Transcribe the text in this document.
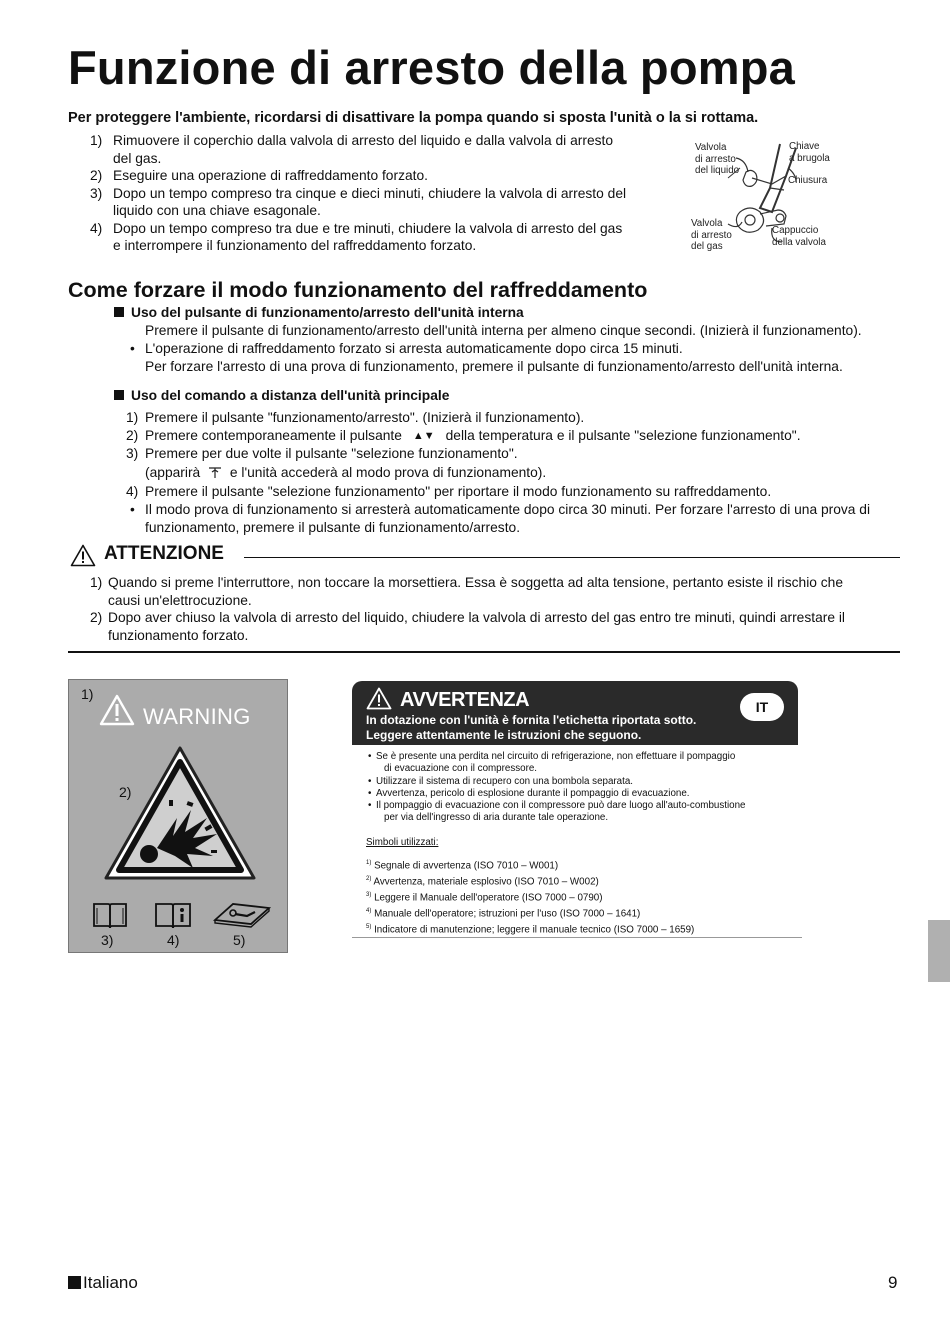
Funzione di arresto della pompa
Per proteggere l'ambiente, ricordarsi di disattivare la pompa quando si sposta l'unità o la si rottama.
1) Rimuovere il coperchio dalla valvola di arresto del liquido e dalla valvola di arresto
del gas.
2) Eseguire una operazione di raffreddamento forzato.
3) Dopo un tempo compreso tra cinque e dieci minuti, chiudere la valvola di arresto del
liquido con una chiave esagonale.
4) Dopo un tempo compreso tra due e tre minuti, chiudere la valvola di arresto del gas
e interrompere il funzionamento del raffreddamento forzato.
Valvola
di arresto
del liquido
Chiave
a brugola
Chiusura
Valvola
di arresto
del gas
Cappuccio
della valvola
Come forzare il modo funzionamento del raffreddamento
Uso del pulsante di funzionamento/arresto dell'unità interna
Premere il pulsante di funzionamento/arresto dell'unità interna per almeno cinque secondi. (Inizierà il funzionamento).
• L'operazione di raffreddamento forzato si arresta automaticamente dopo circa 15 minuti.
Per forzare l'arresto di una prova di funzionamento, premere il pulsante di funzionamento/arresto dell'unità interna.
Uso del comando a distanza dell'unità principale
1) Premere il pulsante "funzionamento/arresto". (Inizierà il funzionamento).
2) Premere contemporaneamente il pulsante ▲▼ della temperatura e il pulsante "selezione funzionamento".
3) Premere per due volte il pulsante "selezione funzionamento".
(apparirà e l'unità accederà al modo prova di funzionamento).
4) Premere il pulsante "selezione funzionamento" per riportare il modo funzionamento su raffreddamento.
• Il modo prova di funzionamento si arresterà automaticamente dopo circa 30 minuti. Per forzare l'arresto di una prova di
funzionamento, premere il pulsante di funzionamento/arresto.
ATTENZIONE
1) Quando si preme l'interruttore, non toccare la morsettiera. Essa è soggetta ad alta tensione, pertanto esiste il rischio che
causi un'elettrocuzione.
2) Dopo aver chiuso la valvola di arresto del liquido, chiudere la valvola di arresto del gas entro tre minuti, quindi arrestare il
funzionamento forzato.
1)
WARNING
2)
3)	4)	5)
AVVERTENZA
In dotazione con l'unità è fornita l'etichetta riportata sotto.
Leggere attentamente le istruzioni che seguono.
IT
• Se è presente una perdita nel circuito di refrigerazione, non effettuare il pompaggio
di evacuazione con il compressore.
• Utilizzare il sistema di recupero con una bombola separata.
• Avvertenza, pericolo di esplosione durante il pompaggio di evacuazione.
• Il pompaggio di evacuazione con il compressore può dare luogo all'auto-combustione
per via dell'ingresso di aria durante tale operazione.
Simboli utilizzati:
$^{1)}$ Segnale di avvertenza (ISO 7010 – W001)
$^{2)}$ Avvertenza, materiale esplosivo (ISO 7010 – W002)
$^{3)}$ Leggere il Manuale dell'operatore (ISO 7000 – 0790)
$^{4)}$ Manuale dell'operatore; istruzioni per l'uso (ISO 7000 – 1641)
$^{5)}$ Indicatore di manutenzione; leggere il manuale tecnico (ISO 7000 – 1659)
Italiano	9
